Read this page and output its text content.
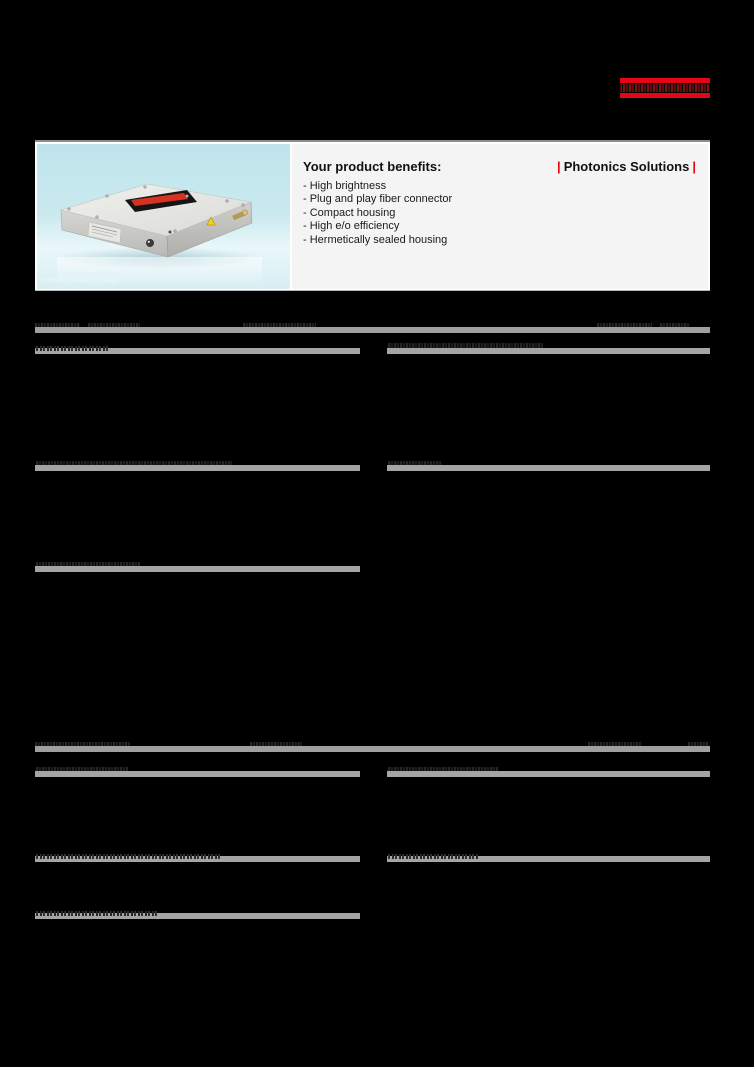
product similar to image
Your product benefits:	| Photonics Solutions |
- High brightness
- Plug and play fiber connector
- Compact housing
- High e/o efficiency
- Hermetically sealed housing
